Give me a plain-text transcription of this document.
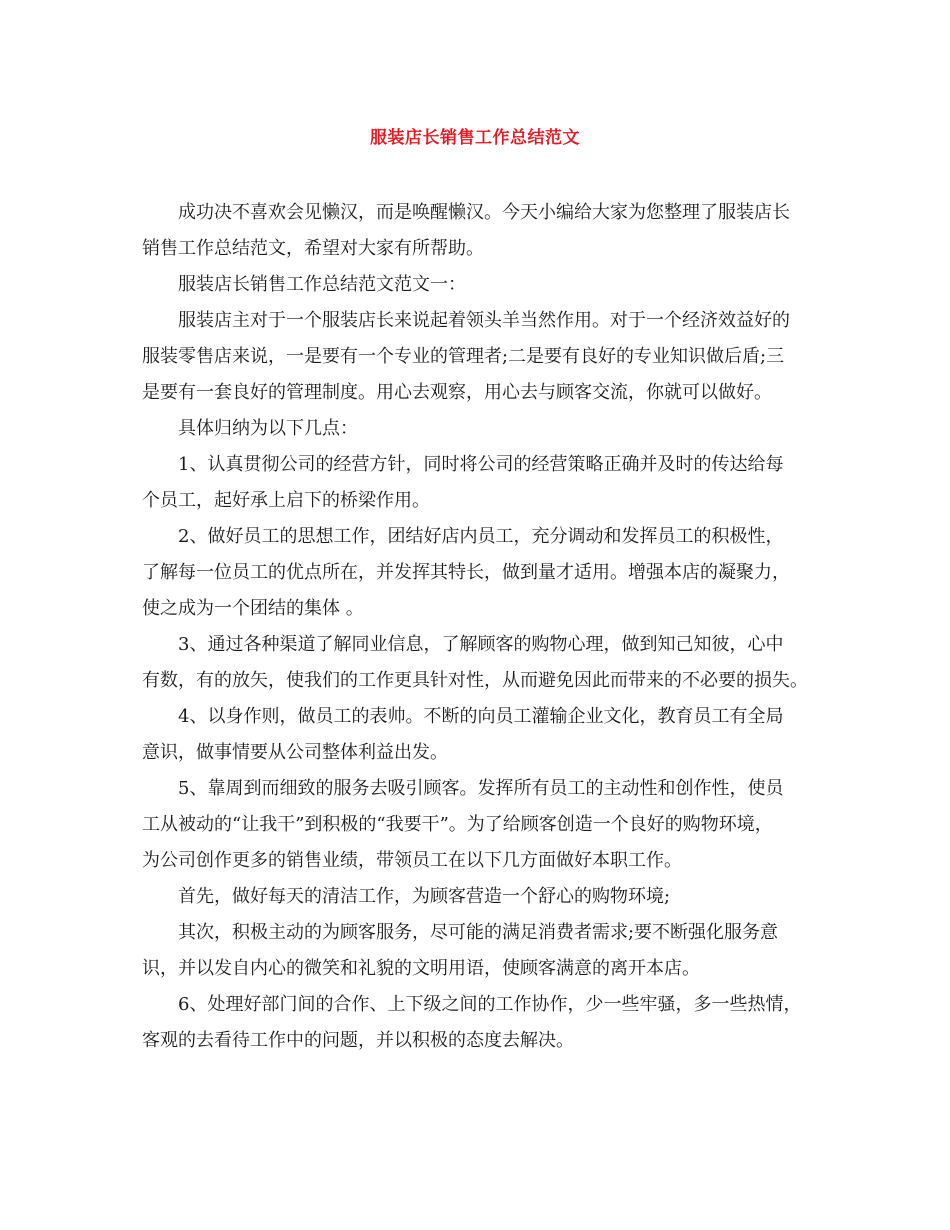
服装店长销售工作总结范文
成功决不喜欢会见懒汉，而是唤醒懒汉。今天小编给大家为您整理了服装店长
销售工作总结范文，希望对大家有所帮助。
服装店长销售工作总结范文范文一：
服装店主对于一个服装店长来说起着领头羊当然作用。对于一个经济效益好的
服装零售店来说，一是要有一个专业的管理者;二是要有良好的专业知识做后盾;三
是要有一套良好的管理制度。用心去观察，用心去与顾客交流，你就可以做好。
具体归纳为以下几点：
1、认真贯彻公司的经营方针，同时将公司的经营策略正确并及时的传达给每
个员工，起好承上启下的桥梁作用。
2、做好员工的思想工作，团结好店内员工，充分调动和发挥员工的积极性，
了解每一位员工的优点所在，并发挥其特长，做到量才适用。增强本店的凝聚力，
使之成为一个团结的集体 。
3、通过各种渠道了解同业信息，了解顾客的购物心理，做到知己知彼，心中
有数，有的放矢，使我们的工作更具针对性，从而避免因此而带来的不必要的损失。
4、以身作则，做员工的表帅。不断的向员工灌输企业文化，教育员工有全局
意识，做事情要从公司整体利益出发。
5、靠周到而细致的服务去吸引顾客。发挥所有员工的主动性和创作性，使员
工从被动的“让我干”到积极的“我要干”。为了给顾客创造一个良好的购物环境，
为公司创作更多的销售业绩，带领员工在以下几方面做好本职工作。
首先，做好每天的清洁工作，为顾客营造一个舒心的购物环境;
其次，积极主动的为顾客服务，尽可能的满足消费者需求;要不断强化服务意
识，并以发自内心的微笑和礼貌的文明用语，使顾客满意的离开本店。
6、处理好部门间的合作、上下级之间的工作协作，少一些牢骚，多一些热情，
客观的去看待工作中的问题，并以积极的态度去解决。
